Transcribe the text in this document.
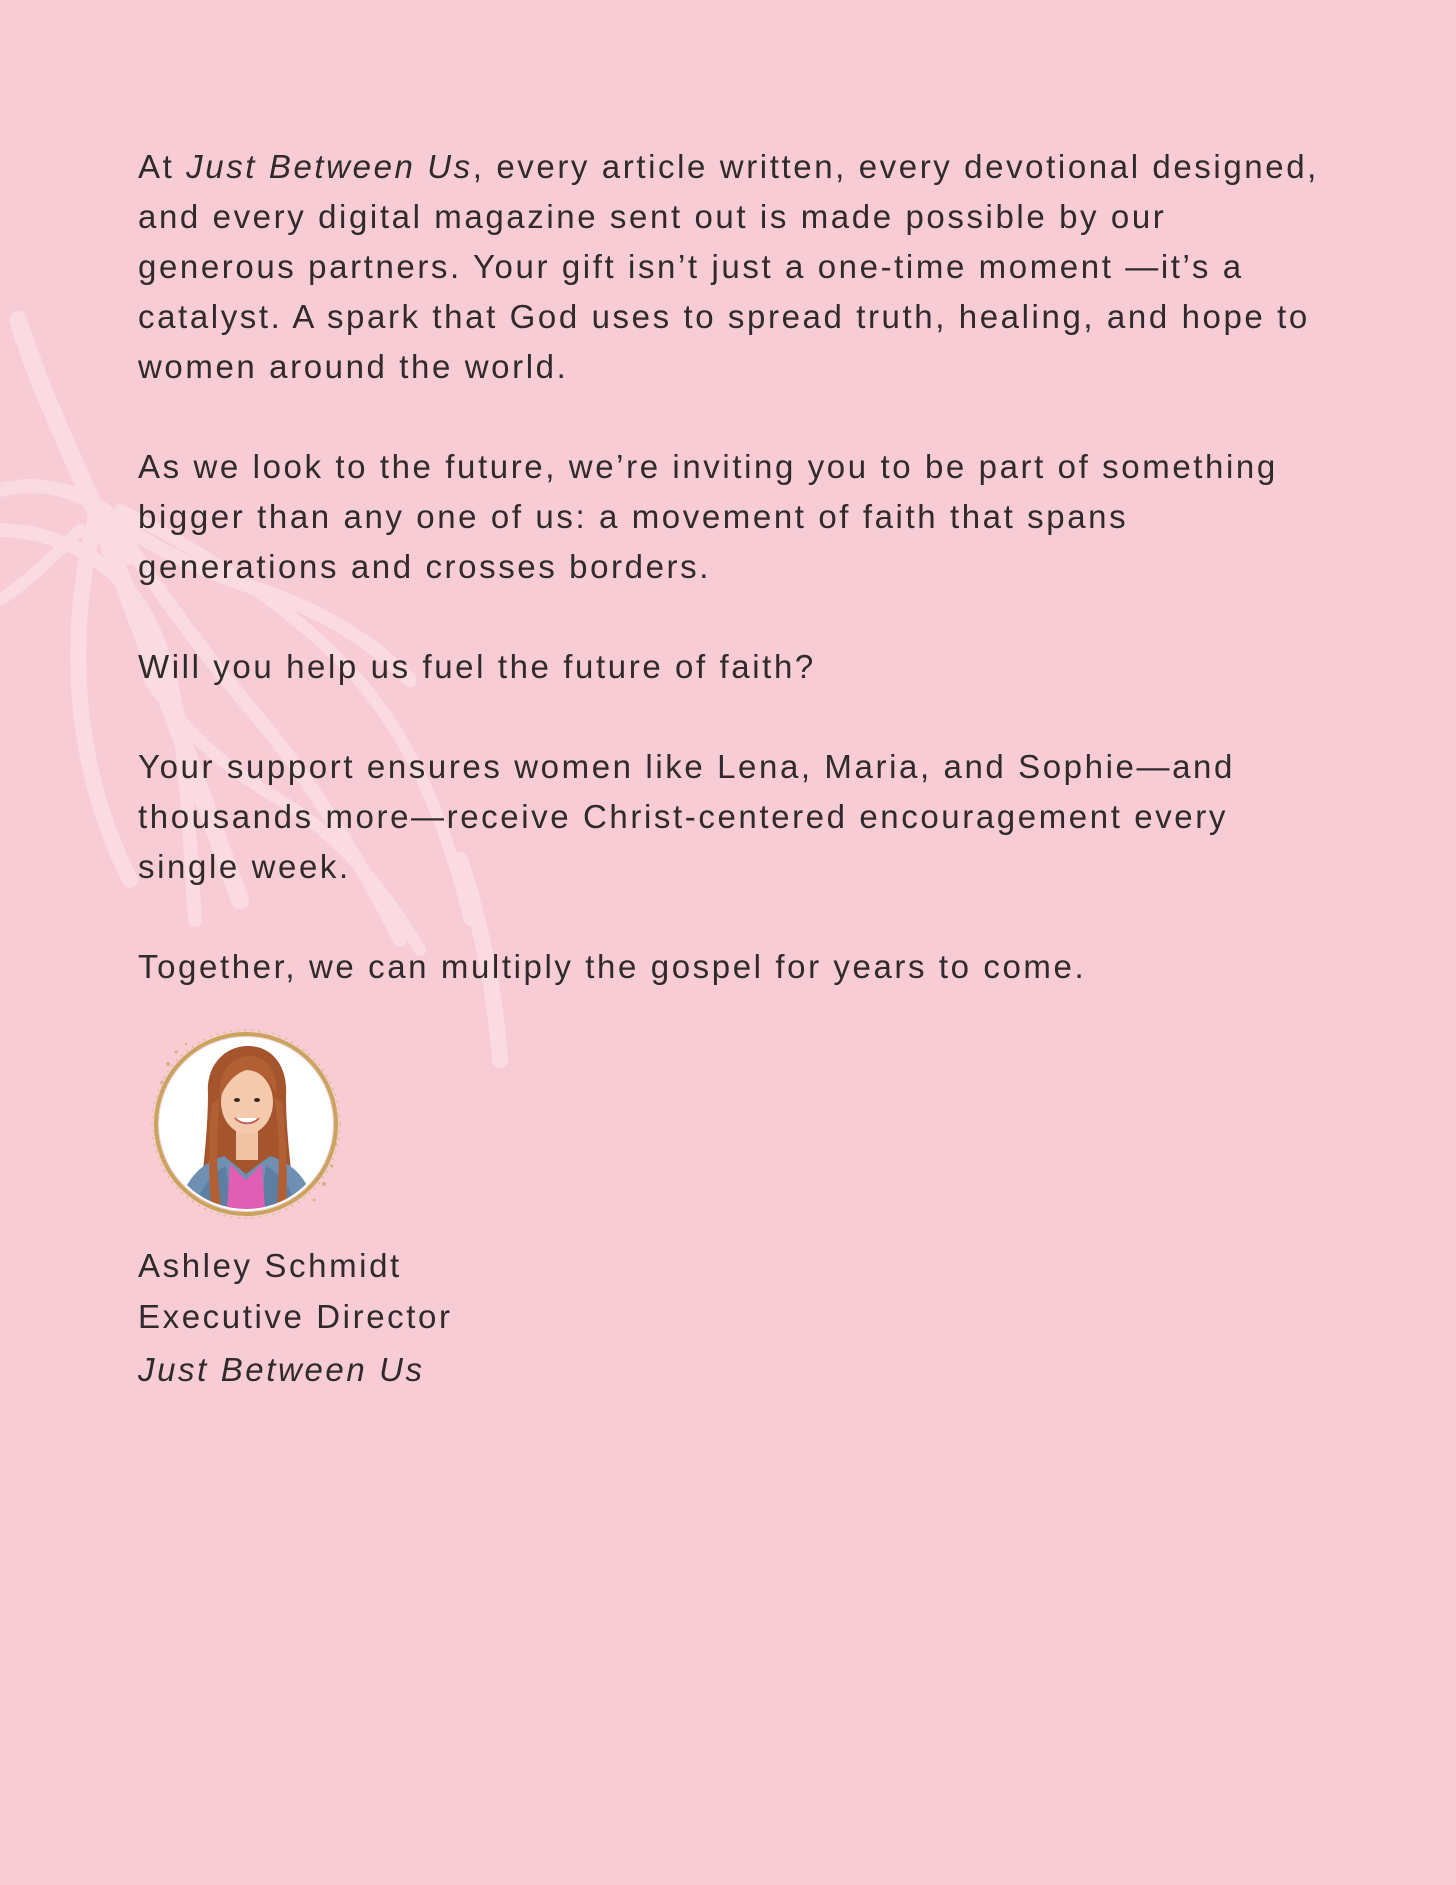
At Just Between Us, every article written, every devotional designed, and every digital magazine sent out is made possible by our generous partners. Your gift isn’t just a one-time moment —it’s a catalyst. A spark that God uses to spread truth, healing, and hope to women around the world.

As we look to the future, we’re inviting you to be part of something bigger than any one of us: a movement of faith that spans generations and crosses borders.

Will you help us fuel the future of faith?

Your support ensures women like Lena, Maria, and Sophie—and thousands more—receive Christ-centered encouragement every single week.

Together, we can multiply the gospel for years to come.

Ashley Schmidt
Executive Director
Just Between Us
